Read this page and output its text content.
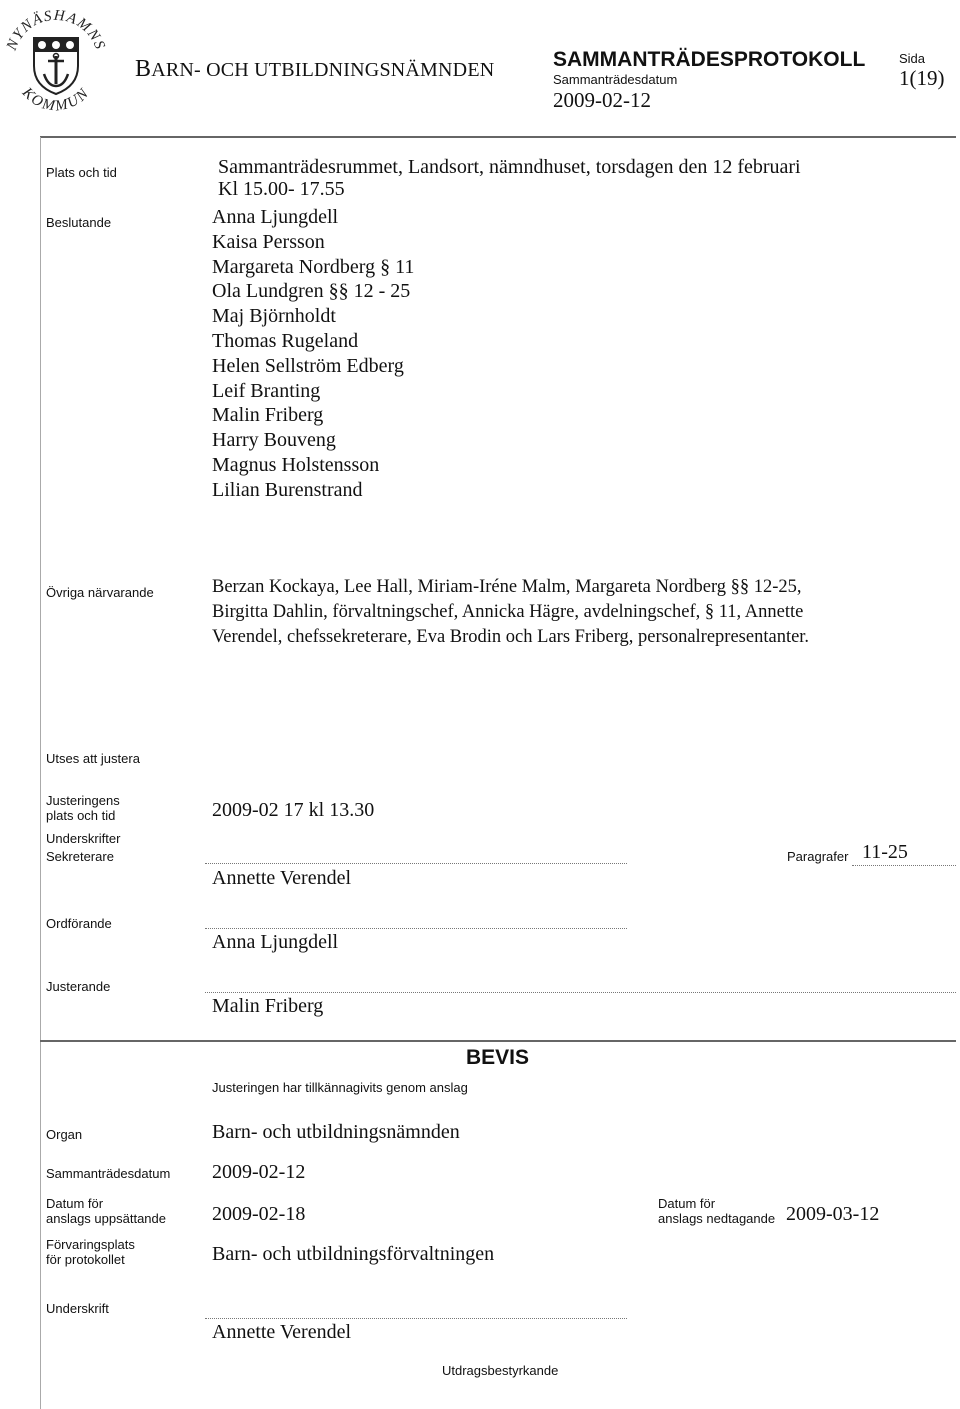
NYNÄSHAMNS
KOMMUN
BARN- OCH UTBILDNINGSNÄMNDEN	SAMMANTRÄDESPROTOKOLL
Sammanträdesdatum
2009-02-12
Sida
1(19)
Plats och tid	Sammanträdesrummet, Landsort, nämndhuset, torsdagen den 12 februari
Kl 15.00- 17.55
Beslutande	Anna Ljungdell
Kaisa Persson
Margareta Nordberg § 11
Ola Lundgren §§ 12 - 25
Maj Björnholdt
Thomas Rugeland
Helen Sellström Edberg
Leif Branting
Malin Friberg
Harry Bouveng
Magnus Holstensson
Lilian Burenstrand
Övriga närvarande	Berzan Kockaya, Lee Hall, Miriam-Iréne Malm, Margareta Nordberg §§ 12-25,
Birgitta Dahlin, förvaltningschef, Annicka Hägre, avdelningschef, § 11, Annette
Verendel, chefssekreterare, Eva Brodin och Lars Friberg, personalrepresentanter.
Utses att justera
Justeringens
plats och tid	2009-02 17 kl 13.30
Underskrifter
Sekreterare
Annette Verendel
Paragrafer 11-25
Ordförande
Anna Ljungdell
Justerande
Malin Friberg
BEVIS
Justeringen har tillkännagivits genom anslag
Organ	Barn- och utbildningsnämnden
Sammanträdesdatum 2009-02-12
Datum för
anslags uppsättande 2009-02-18	Datum för
anslags nedtagande 2009-03-12
Förvaringsplats
för protokollet	Barn- och utbildningsförvaltningen
Underskrift
Annette Verendel
Utdragsbestyrkande
